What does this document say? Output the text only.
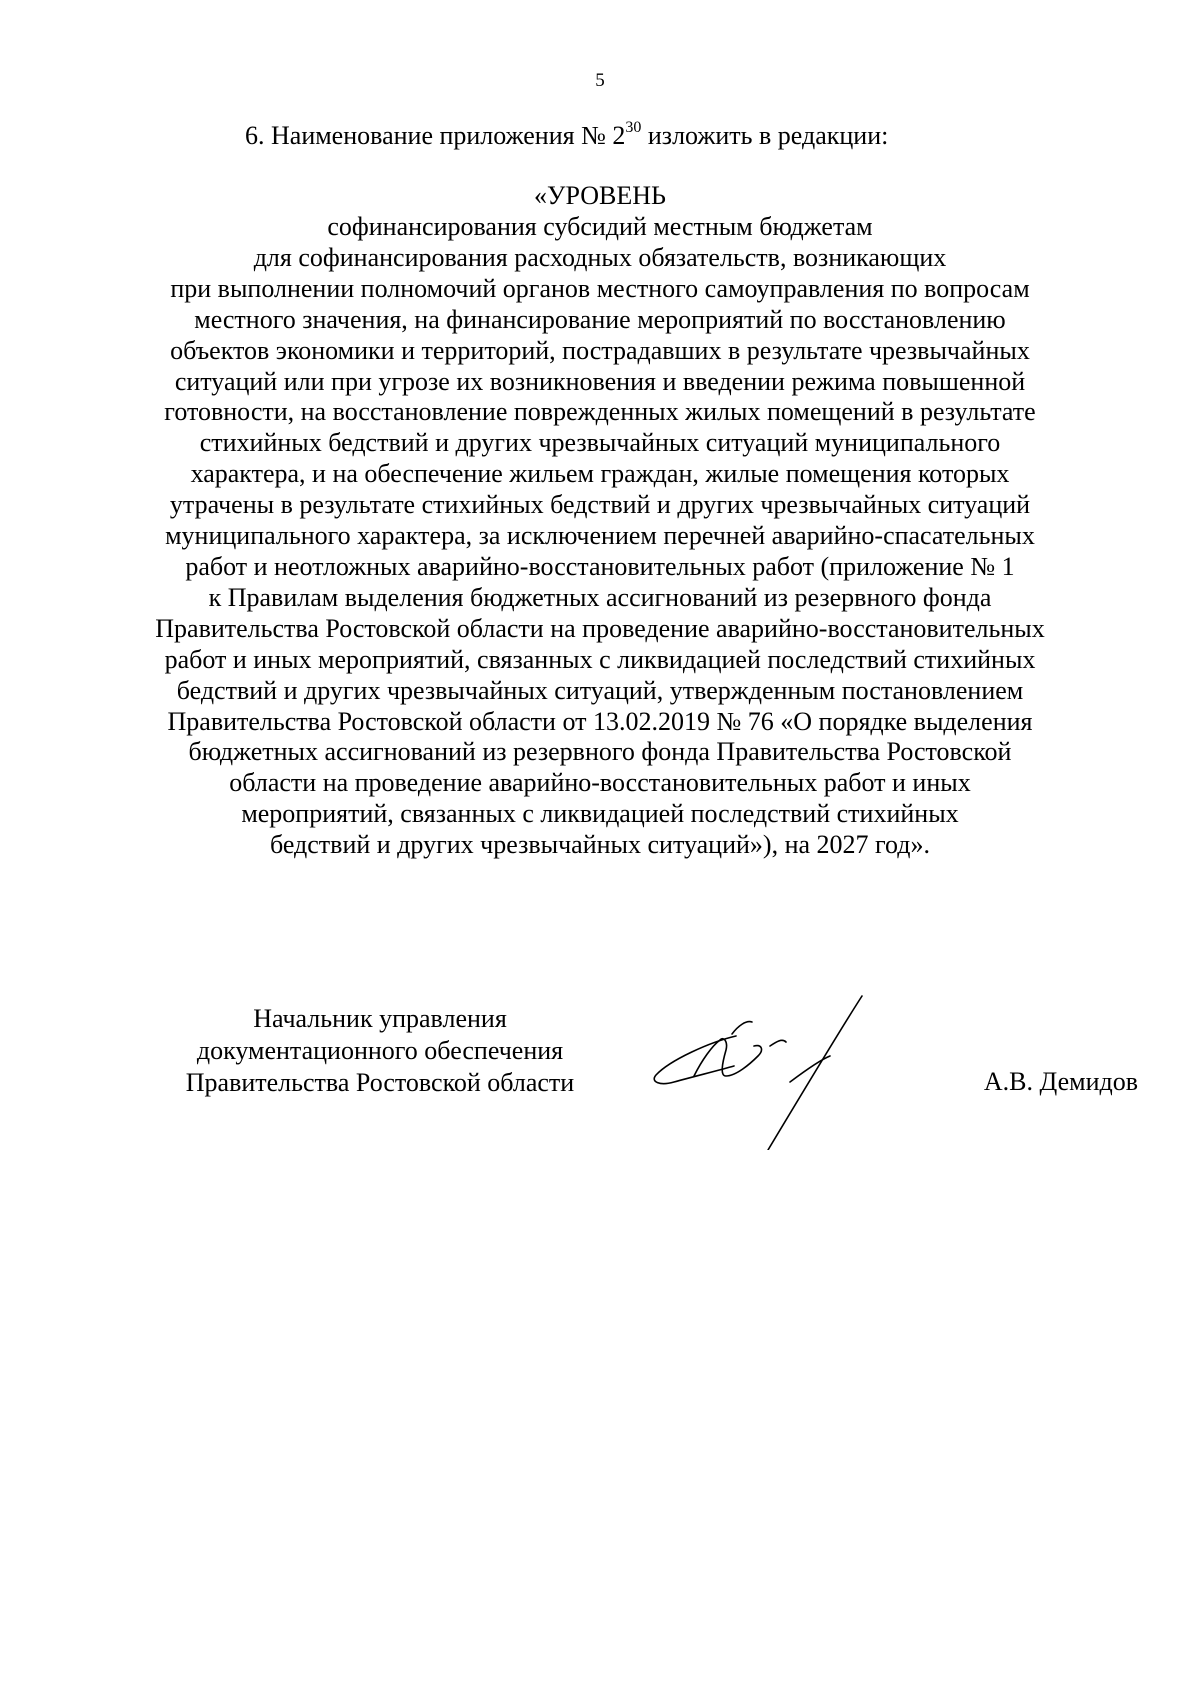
5
6. Наименование приложения № $2^{30}$ изложить в редакции:
«УРОВЕНЬ
софинансирования субсидий местным бюджетам
для софинансирования расходных обязательств, возникающих
при выполнении полномочий органов местного самоуправления по вопросам
местного значения, на финансирование мероприятий по восстановлению
объектов экономики и территорий, пострадавших в результате чрезвычайных
ситуаций или при угрозе их возникновения и введении режима повышенной
готовности, на восстановление поврежденных жилых помещений в результате
стихийных бедствий и других чрезвычайных ситуаций муниципального
характера, и на обеспечение жильем граждан, жилые помещения которых
утрачены в результате стихийных бедствий и других чрезвычайных ситуаций
муниципального характера, за исключением перечней аварийно-спасательных
работ и неотложных аварийно-восстановительных работ (приложение № 1
к Правилам выделения бюджетных ассигнований из резервного фонда
Правительства Ростовской области на проведение аварийно-восстановительных
работ и иных мероприятий, связанных с ликвидацией последствий стихийных
бедствий и других чрезвычайных ситуаций, утвержденным постановлением
Правительства Ростовской области от 13.02.2019 № 76 «О порядке выделения
бюджетных ассигнований из резервного фонда Правительства Ростовской
области на проведение аварийно-восстановительных работ и иных
мероприятий, связанных с ликвидацией последствий стихийных
бедствий и других чрезвычайных ситуаций»), на 2027 год».
Начальник управления
документационного обеспечения
Правительства Ростовской области	А.В. Демидов
